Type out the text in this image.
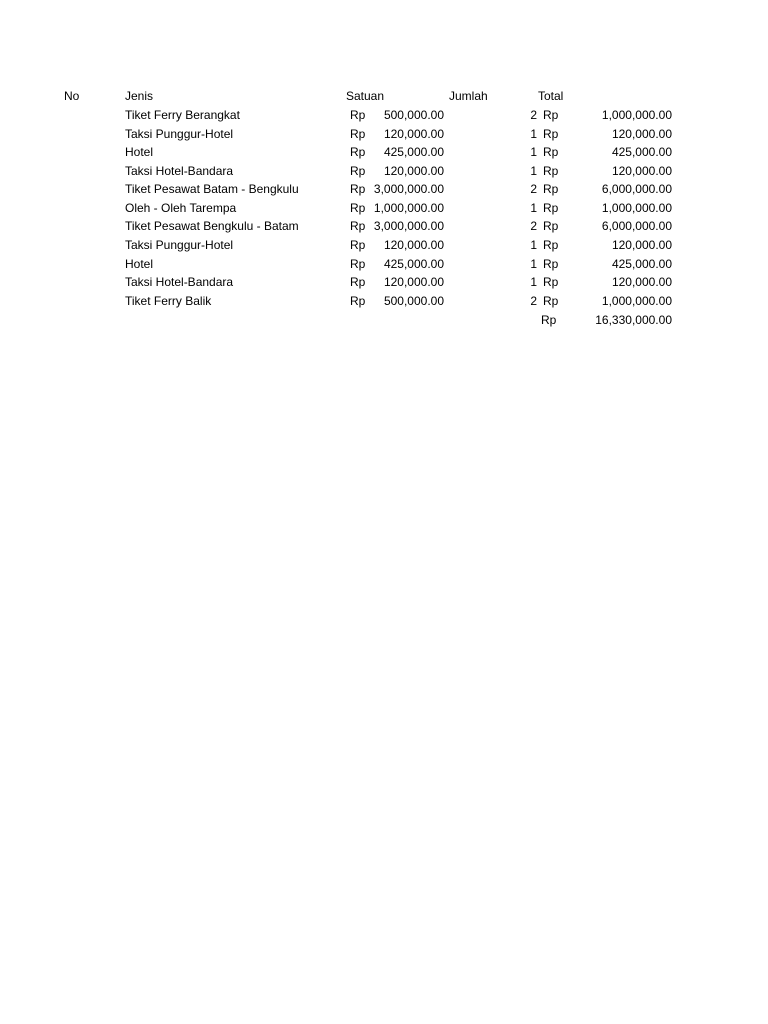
No	Jenis	Satuan	Jumlah	Total
Tiket Ferry Berangkat	Rp	500,000.00	2 Rp	1,000,000.00
Taksi Punggur-Hotel	Rp	120,000.00	1 Rp	120,000.00
Hotel	Rp	425,000.00	1 Rp	425,000.00
Taksi Hotel-Bandara	Rp	120,000.00	1 Rp	120,000.00
Tiket Pesawat Batam - Bengkulu	Rp 3,000,000.00	2 Rp	6,000,000.00
Oleh - Oleh Tarempa	Rp 1,000,000.00	1 Rp	1,000,000.00
Tiket Pesawat Bengkulu - Batam	Rp 3,000,000.00	2 Rp	6,000,000.00
Taksi Punggur-Hotel	Rp	120,000.00	1 Rp	120,000.00
Hotel	Rp	425,000.00	1 Rp	425,000.00
Taksi Hotel-Bandara	Rp	120,000.00	1 Rp	120,000.00
Tiket Ferry Balik	Rp	500,000.00	2 Rp	1,000,000.00
Rp	16,330,000.00
